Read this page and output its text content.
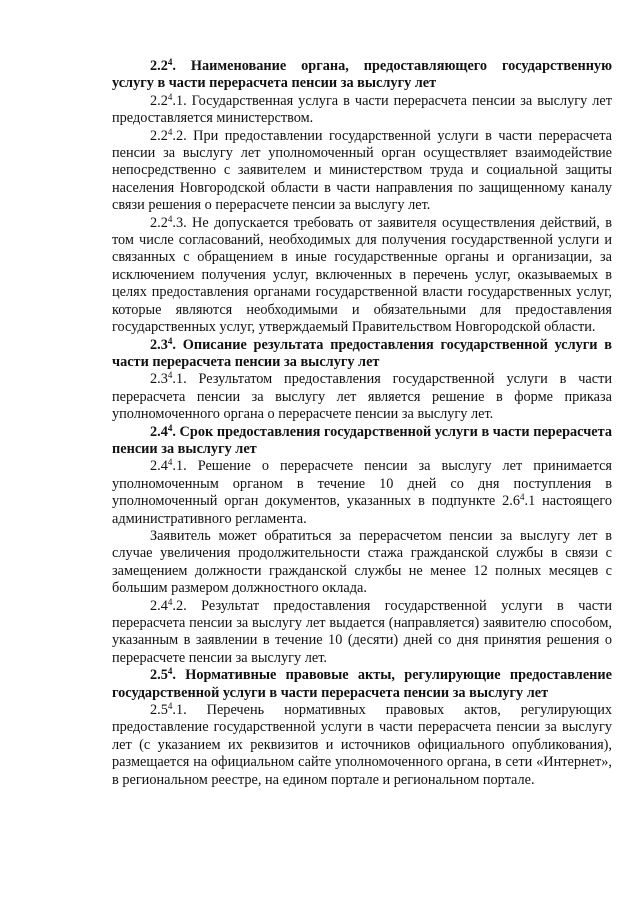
$2.2^4$. Наименование органа, предоставляющего государственную услугу в части перерасчета пенсии за выслугу лет

$2.2^4.1$. Государственная услуга в части перерасчета пенсии за выслугу лет предоставляется министерством.

$2.2^4.2$. При предоставлении государственной услуги в части перерасчета пенсии за выслугу лет уполномоченный орган осуществляет взаимодействие непосредственно с заявителем и министерством труда и социальной защиты населения Новгородской области в части направления по защищенному каналу связи решения о перерасчете пенсии за выслугу лет.

$2.2^4.3$. Не допускается требовать от заявителя осуществления действий, в том числе согласований, необходимых для получения государственной услуги и связанных с обращением в иные государственные органы и организации, за исключением получения услуг, включенных в перечень услуг, оказываемых в целях предоставления органами государственной власти государственных услуг, которые являются необходимыми и обязательными для предоставления государственных услуг, утверждаемый Правительством Новгородской области.

$2.3^4$. Описание результата предоставления государственной услуги в части перерасчета пенсии за выслугу лет

$2.3^4.1$. Результатом предоставления государственной услуги в части перерасчета пенсии за выслугу лет является решение в форме приказа уполномоченного органа о перерасчете пенсии за выслугу лет.

$2.4^4$. Срок предоставления государственной услуги в части перерасчета пенсии за выслугу лет

$2.4^4.1$. Решение о перерасчете пенсии за выслугу лет принимается уполномоченным органом в течение 10 дней со дня поступления в уполномоченный орган документов, указанных в подпункте $2.6^4.1$ настоящего административного регламента.

Заявитель может обратиться за перерасчетом пенсии за выслугу лет в случае увеличения продолжительности стажа гражданской службы в связи с замещением должности гражданской службы не менее 12 полных месяцев с большим размером должностного оклада.

$2.4^4.2$. Результат предоставления государственной услуги в части перерасчета пенсии за выслугу лет выдается (направляется) заявителю способом, указанным в заявлении в течение 10 (десяти) дней со дня принятия решения о перерасчете пенсии за выслугу лет.

$2.5^4$. Нормативные правовые акты, регулирующие предоставление государственной услуги в части перерасчета пенсии за выслугу лет

$2.5^4.1$. Перечень нормативных правовых актов, регулирующих предоставление государственной услуги в части перерасчета пенсии за выслугу лет (с указанием их реквизитов и источников официального опубликования), размещается на официальном сайте уполномоченного органа, в сети «Интернет», в региональном реестре, на едином портале и региональном портале.
